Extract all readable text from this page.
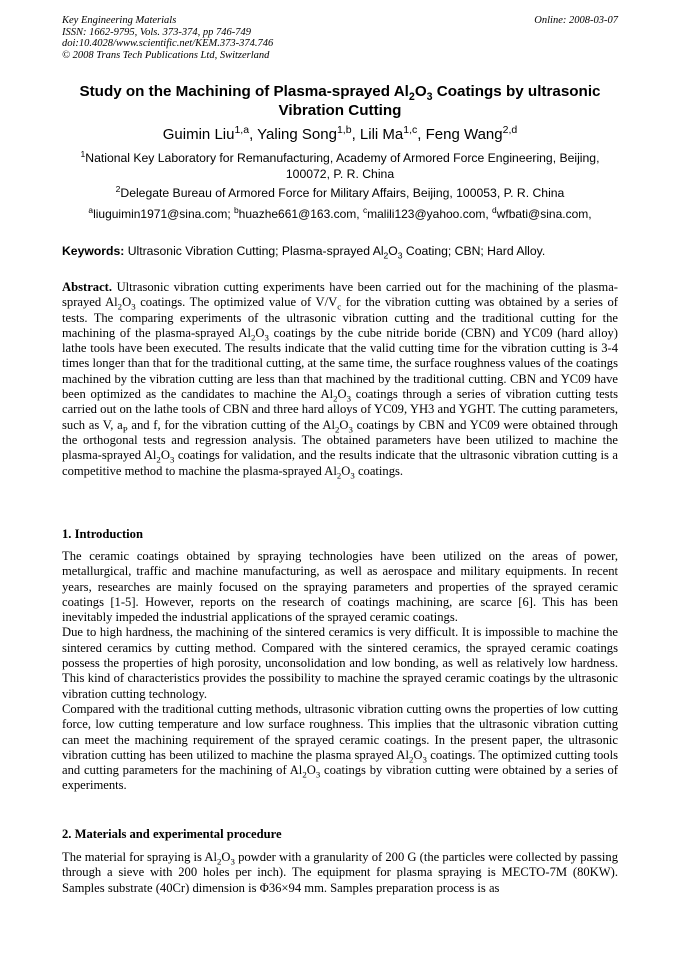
Key Engineering Materials
ISSN: 1662-9795, Vols. 373-374, pp 746-749
doi:10.4028/www.scientific.net/KEM.373-374.746
© 2008 Trans Tech Publications Ltd, Switzerland
Online: 2008-03-07
Study on the Machining of Plasma-sprayed $Al_2O_3$ Coatings by ultrasonic Vibration Cutting
Guimin Liu$^{1,a}$, Yaling Song$^{1,b}$, Lili Ma$^{1,c}$, Feng Wang$^{2,d}$
$^1$National Key Laboratory for Remanufacturing, Academy of Armored Force Engineering, Beijing, 100072, P. R. China
$^2$Delegate Bureau of Armored Force for Military Affairs, Beijing, 100053, P. R. China
$^a$liuguimin1971@sina.com; $^b$huazhe661@163.com, $^c$malili123@yahoo.com, $^d$wfbati@sina.com,
Keywords: Ultrasonic Vibration Cutting; Plasma-sprayed $Al_2O_3$ Coating; CBN; Hard Alloy.
Abstract. Ultrasonic vibration cutting experiments have been carried out for the machining of the plasma-sprayed $Al_2O_3$ coatings. The optimized value of $V/V_c$ for the vibration cutting was obtained by a series of tests. The comparing experiments of the ultrasonic vibration cutting and the traditional cutting for the machining of the plasma-sprayed $Al_2O_3$ coatings by the cube nitride boride (CBN) and YC09 (hard alloy) lathe tools have been executed. The results indicate that the valid cutting time for the vibration cutting is 3-4 times longer than that for the traditional cutting, at the same time, the surface roughness values of the coatings machined by the vibration cutting are less than that machined by the traditional cutting. CBN and YC09 have been optimized as the candidates to machine the $Al_2O_3$ coatings through a series of vibration cutting tests carried out on the lathe tools of CBN and three hard alloys of YC09, YH3 and YGHT. The cutting parameters, such as V, $a_P$ and f, for the vibration cutting of the $Al_2O_3$ coatings by CBN and YC09 were obtained through the orthogonal tests and regression analysis. The obtained parameters have been utilized to machine the plasma-sprayed $Al_2O_3$ coatings for validation, and the results indicate that the ultrasonic vibration cutting is a competitive method to machine the plasma-sprayed $Al_2O_3$ coatings.
1. Introduction

The ceramic coatings obtained by spraying technologies have been utilized on the areas of power, metallurgical, traffic and machine manufacturing, as well as aerospace and military equipments. In recent years, researches are mainly focused on the spraying parameters and properties of the sprayed ceramic coatings [1-5]. However, reports on the research of coatings machining, are scarce [6]. This has been inevitably impeded the industrial applications of the sprayed ceramic coatings.

Due to high hardness, the machining of the sintered ceramics is very difficult. It is impossible to machine the sintered ceramics by cutting method. Compared with the sintered ceramics, the sprayed ceramic coatings possess the properties of high porosity, unconsolidation and low bonding, as well as relatively low hardness. This kind of characteristics provides the possibility to machine the sprayed ceramic coatings by the ultrasonic vibration cutting technology.

Compared with the traditional cutting methods, ultrasonic vibration cutting owns the properties of low cutting force, low cutting temperature and low surface roughness. This implies that the ultrasonic vibration cutting can meet the machining requirement of the sprayed ceramic coatings. In the present paper, the ultrasonic vibration cutting has been utilized to machine the plasma sprayed $Al_2O_3$ coatings. The optimized cutting tools and cutting parameters for the machining of $Al_2O_3$ coatings by vibration cutting were obtained by a series of experiments.

2. Materials and experimental procedure

The material for spraying is $Al_2O_3$ powder with a granularity of 200 G (the particles were collected by passing through a sieve with 200 holes per inch). The equipment for plasma spraying is MECTO-7M (80KW). Samples substrate (40Cr) dimension is Φ36×94 mm. Samples preparation process is as
